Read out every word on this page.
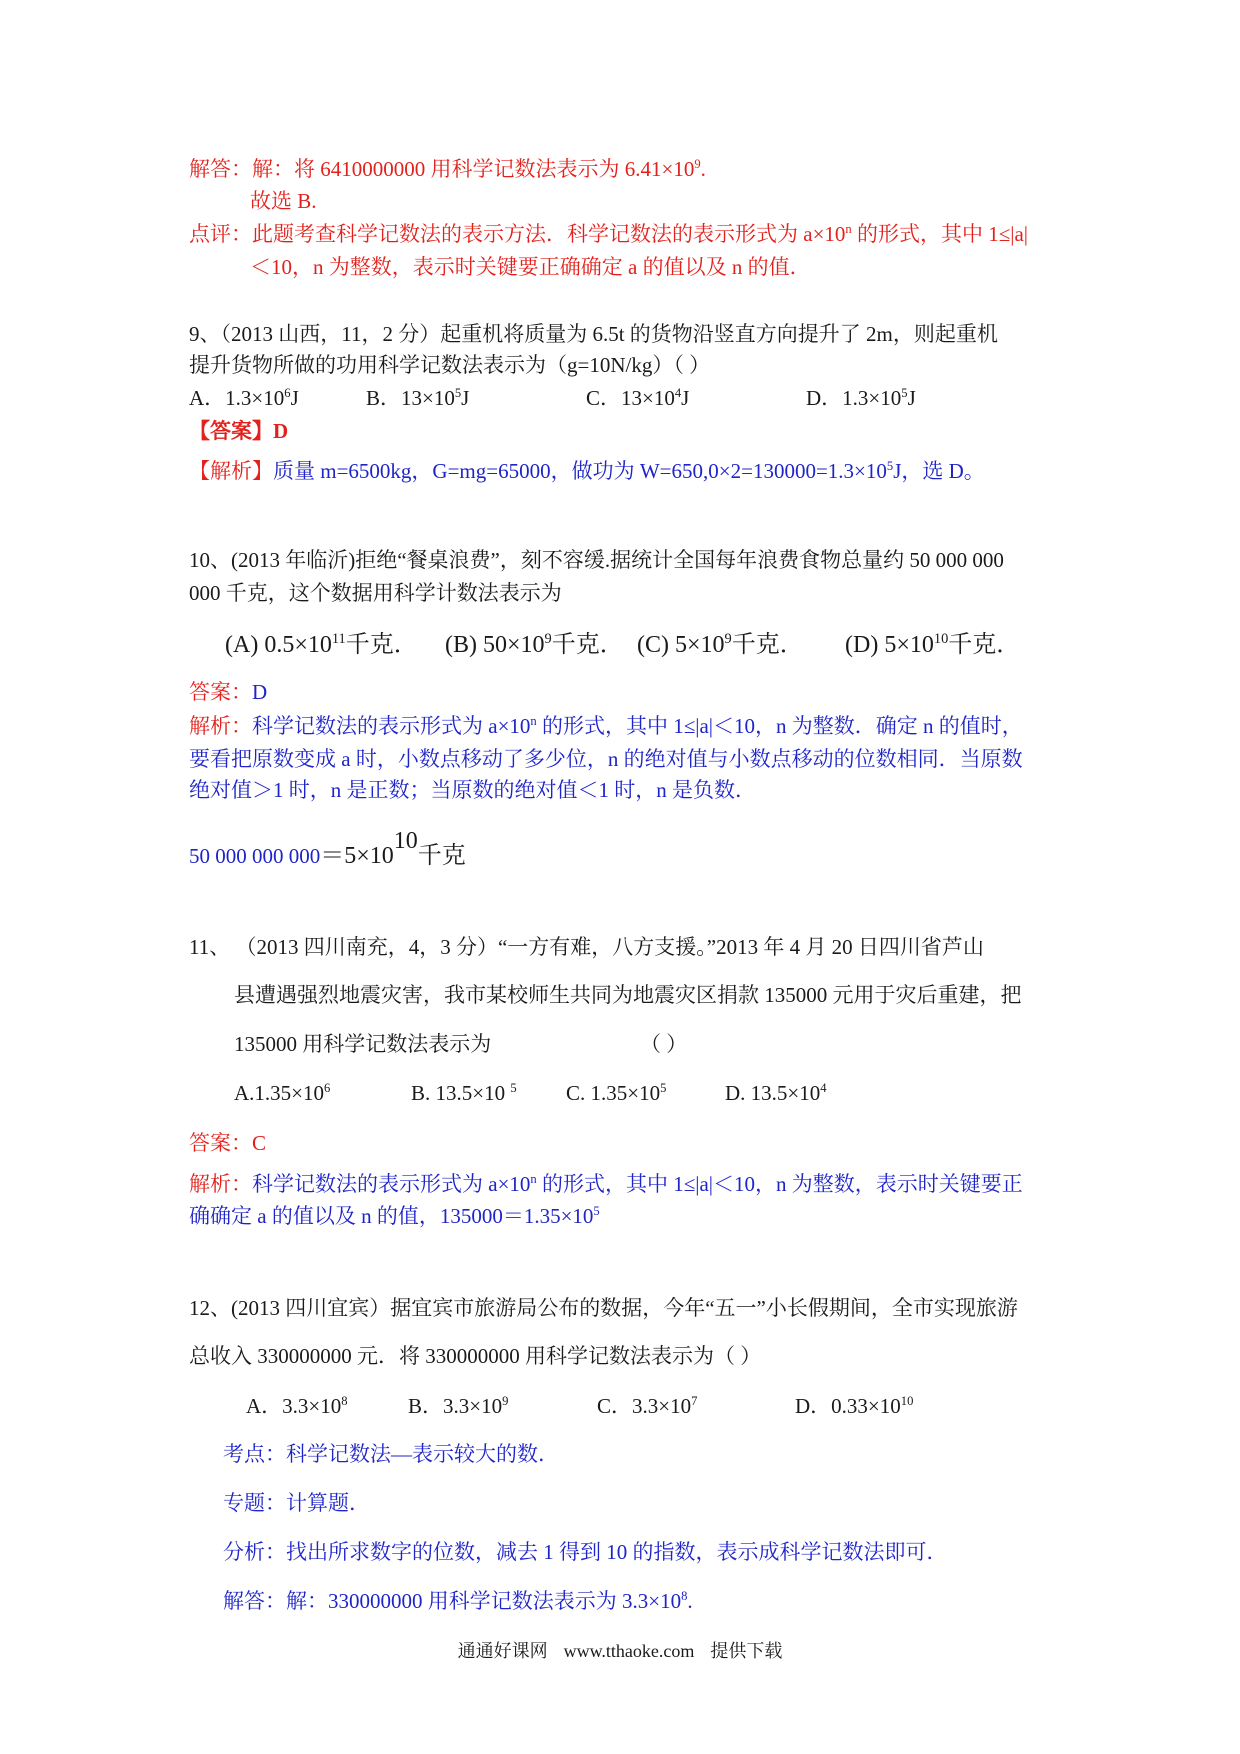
解答：解：将 6410000000 用科学记数法表示为 $6.41\times 10^9$.
故选 B.
点评：此题考查科学记数法的表示方法．科学记数法的表示形式为 $a\times 10^n$ 的形式，其中 1≤|a|
＜10，n 为整数，表示时关键要正确确定 a 的值以及 n 的值．
9、（2013 山西，11，2 分）起重机将质量为 6.5t 的货物沿竖直方向提升了 2m，则起重机
提升货物所做的功用科学记数法表示为（g=10N/kg）（ ）
A．$1.3\times 10^6J$	B．$13\times 10^5J$	C．$13\times 10^4J$	D．$1.3\times 10^5J$
【答案】D
【解析】质量 m=6500kg，G=mg=65000，做功为 $W=650,0\times 2=130000=1.3\times 10^5J$，选 D。
10、(2013 年临沂)拒绝“餐桌浪费”，刻不容缓.据统计全国每年浪费食物总量约 50 000 000
000 千克，这个数据用科学计数法表示为
(A) $0.5\times 10^{11}$千克． (B) $50\times 10^9$千克． (C) $5\times 10^9$千克． (D) $5\times 10^{10}$千克．
答案：D
解析：科学记数法的表示形式为 $a\times 10^n$ 的形式，其中 1≤|a|＜10，n 为整数．确定 n 的值时，
要看把原数变成 a 时，小数点移动了多少位，n 的绝对值与小数点移动的位数相同．当原数
绝对值＞1 时，n 是正数；当原数的绝对值＜1 时，n 是负数．
50 000 000 $000=5\times 10^{10}$千克
11、 （2013 四川南充，4，3 分）“一方有难，八方支援。”2013 年 4 月 20 日四川省芦山
县遭遇强烈地震灾害，我市某校师生共同为地震灾区捐款 135000 元用于灾后重建，把
135000 用科学记数法表示为	（ ）
$A.1.35\times 10^6$	B. 13.5×10 $^5$ C. $1.35\times 10^5$	D. $13.5\times 10^4$
答案：C
解析：科学记数法的表示形式为 $a\times 10^n$ 的形式，其中 1≤|a|＜10，n 为整数，表示时关键要正
确确定 a 的值以及 n 的值，$135000=1.35\times 10^5$
12、(2013 四川宜宾）据宜宾市旅游局公布的数据，今年“五一”小长假期间，全市实现旅游
总收入 330000000 元．将 330000000 用科学记数法表示为（ ）
A．$3.3\times 10^8$	B．$3.3\times 10^9$	C．$3.3\times 10^7$	D．$0.33\times 10^{10}$
考点：科学记数法—表示较大的数．
专题：计算题．
分析：找出所求数字的位数，减去 1 得到 10 的指数，表示成科学记数法即可．
解答：解：330000000 用科学记数法表示为 $3.3\times 10^8$.
通通好课网 www.tthaoke.com 提供下载
